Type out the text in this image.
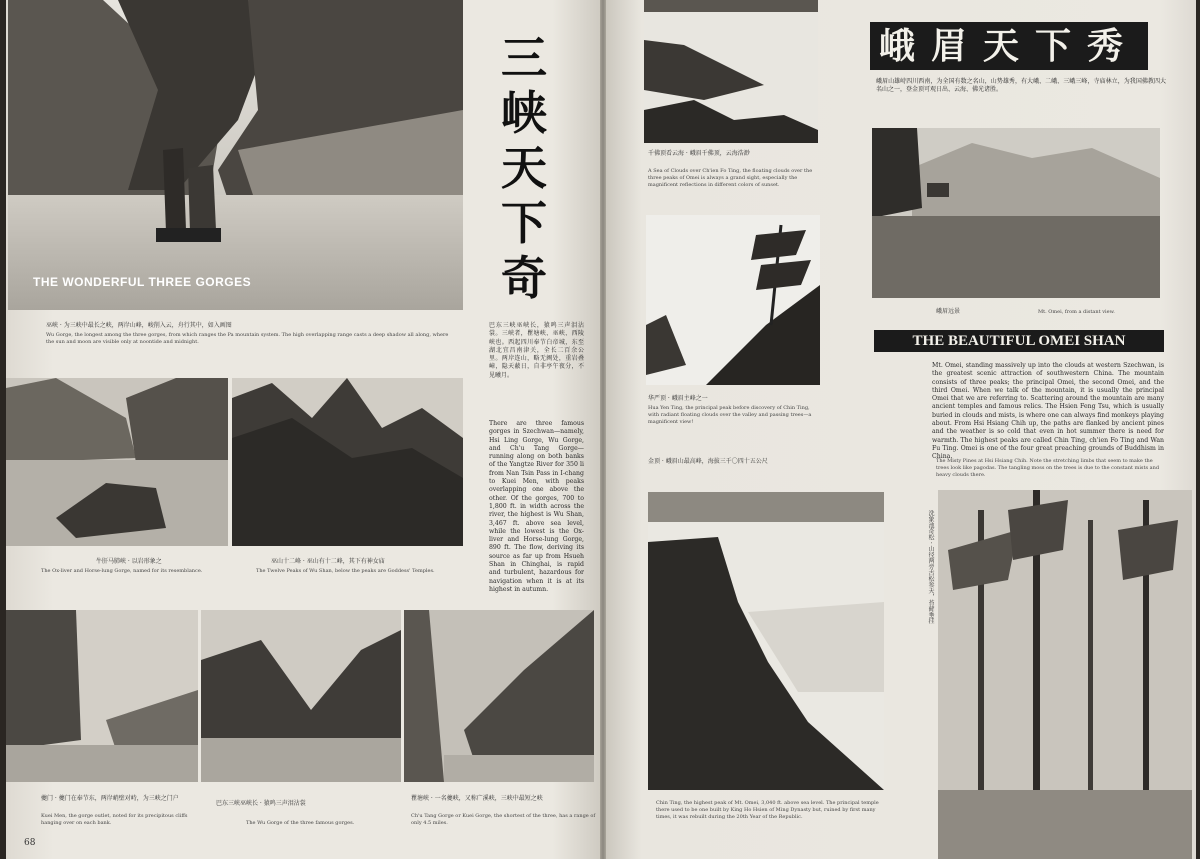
THE WONDERFUL THREE GORGES
三
峡
天
下
奇
巫峡 · 为三峡中最长之峡，两岸山峰，峻削入云，舟行其中，如入画图
Wu Gorge, the longest among the three gorges, from which ranges the Pa mountain system. The high overlapping range casts a deep shadow all along, where the sun and moon are visible only at noontide and midnight.
巴东三峡巫峡长，猿鸣三声泪沾裳。三峡者，瞿塘峡、巫峡、西陵峡也。西起四川奉节白帝城，东至湖北宜昌南津关，全长二百余公里。两岸连山，略无阙处，重岩叠嶂，隐天蔽日，自非亭午夜分，不见曦月。
There are three famous gorges in Szechwan—namely, Hsi Ling Gorge, Wu Gorge, and Ch'u Tang Gorge—running along on both banks of the Yangtze River for 350 li from Nan Tsin Pass in I-chang to Kuei Men, with peaks overlapping one above the other. Of the gorges, 700 to 1,800 ft. in width across the river, the highest is Wu Shan, 3,467 ft. above sea level, while the lowest is the Ox-liver and Horse-lung Gorge, 890 ft. The flow, deriving its source as far up from Hsueh Shan in Chinghai, is rapid and turbulent, hazardous for navigation when it is at its highest in autumn.
牛肝马肺峡 · 以岩形象之
The Ox-liver and Horse-lung Gorge, named for its resemblance.
巫山十二峰 · 巫山有十二峰，其下有神女庙
The Twelve Peaks of Wu Shan, below the peaks are Goddess' Temples.
夔门 · 夔门在奉节东，两岸峭壁对峙，为三峡之门户
Kuei Men, the gorge outlet, noted for its precipitous cliffs hanging over on each bank.
巴东三峡巫峡长 · 猿鸣三声泪沾裳
The Wu Gorge of the three famous gorges.
瞿塘峡 · 一名夔峡，又称广溪峡，三峡中最短之峡
Ch'u Tang Gorge or Kuei Gorge, the shortest of the three, has a range of only 4.5 miles.
68
峨眉天下秀
千佛顶看云海 · 峨眉千佛顶，云海浩渺
A Sea of Clouds over Ch'ien Fo Ting, the floating clouds over the three peaks of Omei is always a grand sight, especially the magnificent reflections in different colors of sunset.
华严顶 · 峨眉主峰之一
Hua Yen Ting, the principal peak before discovery of Chin Ting, with radiant floating clouds over the valley and passing trees—a magnificent view!
峨眉山雄峙四川西南，为全国有数之名山，山势雄秀，有大峨、二峨、三峨三峰，寺庙林立，为我国佛教四大名山之一，登金顶可观日出、云海、佛光诸胜。
峨眉远景	Mt. Omei, from a distant view.
THE BEAUTIFUL OMEI SHAN
Mt. Omei, standing massively up into the clouds at western Szechwan, is the greatest scenic attraction of southwestern China. The mountain consists of three peaks; the principal Omei, the second Omei, and the third Omei. When we talk of the mountain, it is usually the principal Omei that we are referring to. Scattering around the mountain are many ancient temples and famous relics. The Hsien Feng Tsu, which is usually buried in clouds and mists, is where one can always find monkeys playing about. From Hsi Hsiang Chih up, the paths are flanked by ancient pines and the weather is so cold that even in hot summer there is need for warmth. The highest peaks are called Chin Ting, ch'ien Fo Ting and Wan Fu Ting. Omei is one of the four great preaching grounds of Buddhism in China.
金顶 · 峨眉山最高峰，海拔三千〇四十五公尺	The Misty Pines at Hsi Hsiang Chih. Note the stretching limbs that seem to make the trees look like pagodas. The tangling moss on the trees is due to the constant mists and heavy clouds there.
Chin Ting, the highest peak of Mt. Omei, 3,040 ft. above sea level. The principal temple there used to be one built by King Ho Hsien of Ming Dynasty but, ruined by first many times, it was rebuilt during the 20th Year of the Republic.
洗象池奇松 · 山径两旁古松参天，苔藓垂挂
